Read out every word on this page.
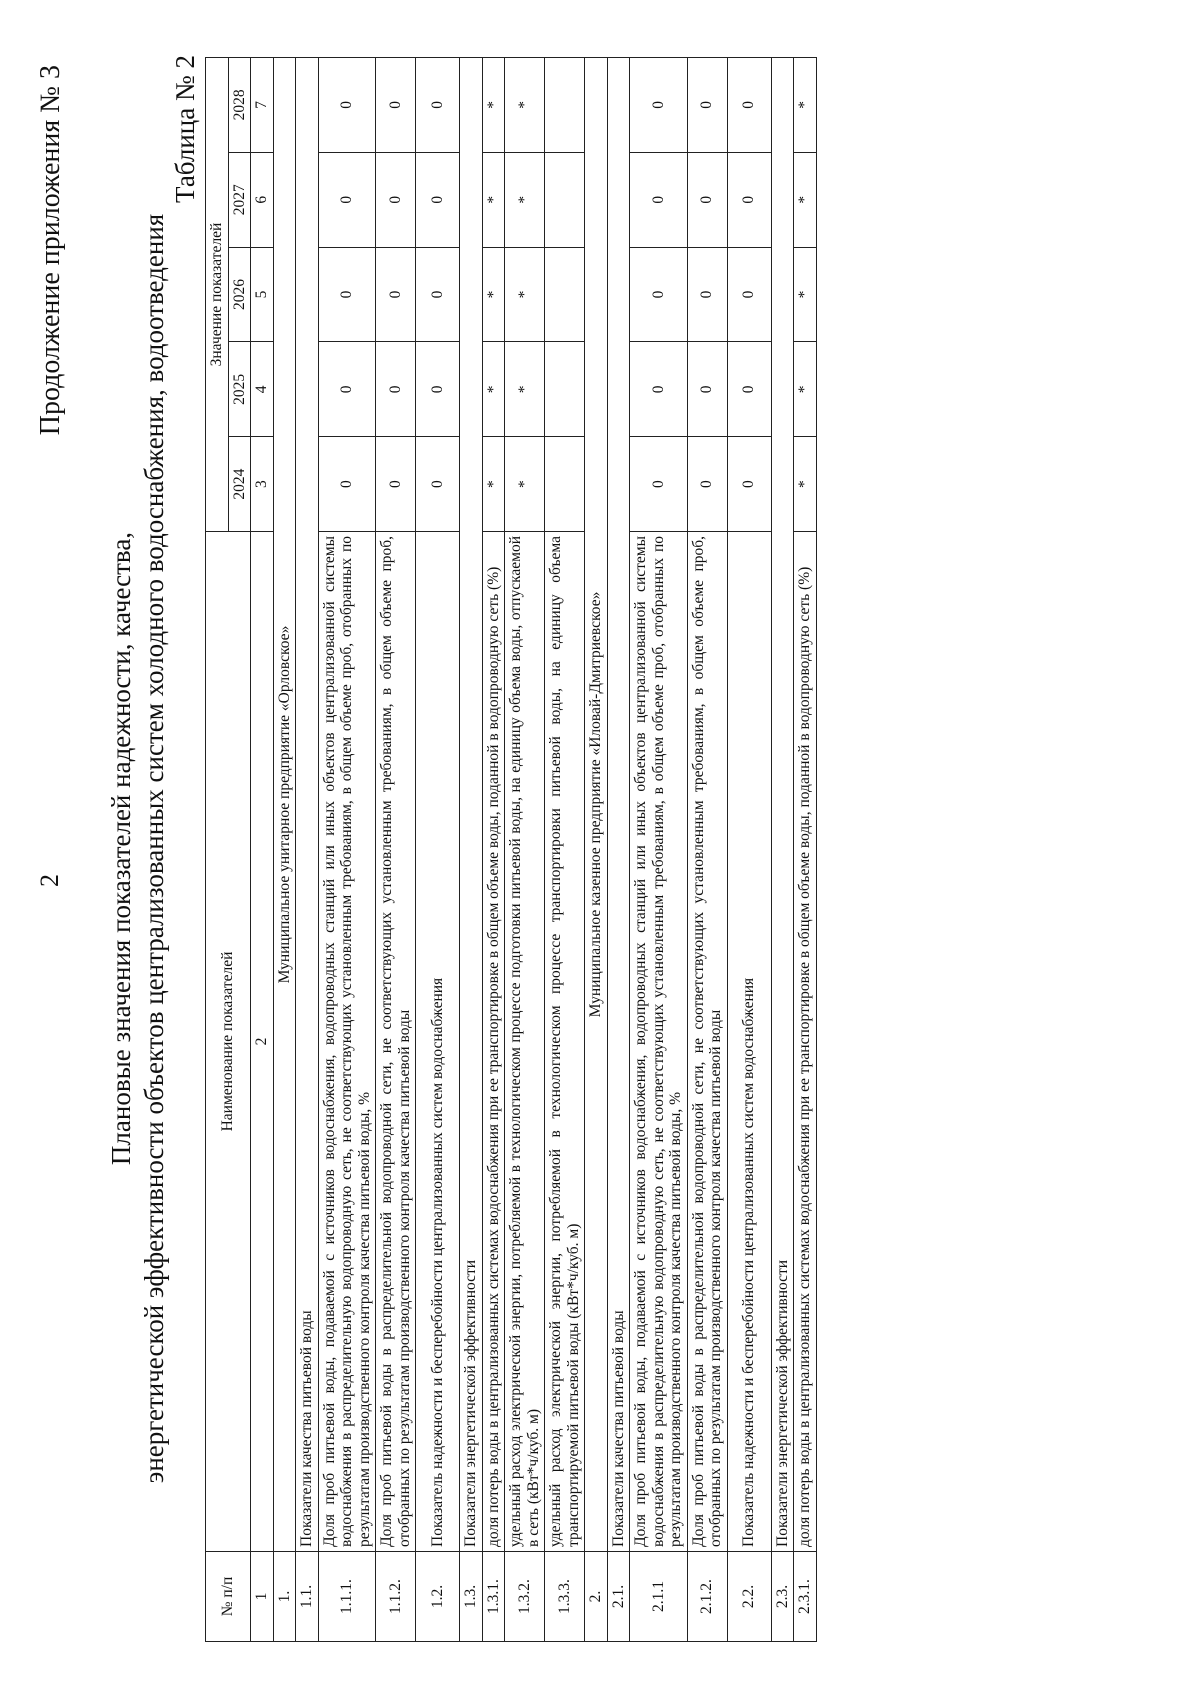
2
Продолжение приложения № 3
Плановые значения показателей надежности, качества, энергетической эффективности объектов централизованных систем холодного водоснабжения, водоотведения
Таблица № 2
№ п/п	Наименование показателей	Значение показателей				
		2024	2025	2026	2027	2028
1	2	3	4	5	6	7
1.	Муниципальное унитарное предприятие «Орловское»					
1.1.	Показатели качества питьевой воды					
1.1.1.	Доля проб питьевой воды, подаваемой с источников водоснабжения, водопроводных станций или иных объектов централизованной системы водоснабжения в распределительную водопроводную сеть, не соответствующих установленным требованиям, в общем объеме проб, отобранных по результатам производственного контроля качества питьевой воды, %	0	0	0	0	0
1.1.2.	Доля проб питьевой воды в распределительной водопроводной сети, не соответствующих установленным требованиям, в общем объеме проб, отобранных по результатам производственного контроля качества питьевой воды	0	0	0	0	0
1.2.	Показатель надежности и бесперебойности централизованных систем водоснабжения	0	0	0	0	0
1.3.	Показатели энергетической эффективности					
1.3.1.	доля потерь воды в централизованных системах водоснабжения при ее транспортировке в общем объеме воды, поданной в водопроводную сеть (%)	*	*	*	*	*
1.3.2.	удельный расход электрической энергии, потребляемой в технологическом процессе подготовки питьевой воды, на единицу объема воды, отпускаемой в сеть (кВт*ч/куб. м)	*	*	*	*	*
1.3.3.	удельный расход электрической энергии, потребляемой в технологическом процессе транспортировки питьевой воды, на единицу объема транспортируемой питьевой воды (кВт*ч/куб. м)					
2.	Муниципальное казенное предприятие «Иловай-Дмитриевское»					
2.1.	Показатели качества питьевой воды					
2.1.1	Доля проб питьевой воды, подаваемой с источников водоснабжения, водопроводных станций или иных объектов централизованной системы водоснабжения в распределительную водопроводную сеть, не соответствующих установленным требованиям, в общем объеме проб, отобранных по результатам производственного контроля качества питьевой воды, %	0	0	0	0	0
2.1.2.	Доля проб питьевой воды в распределительной водопроводной сети, не соответствующих установленным требованиям, в общем объеме проб, отобранных по результатам производственного контроля качества питьевой воды	0	0	0	0	0
2.2.	Показатель надежности и бесперебойности централизованных систем водоснабжения	0	0	0	0	0
2.3.	Показатели энергетической эффективности					
2.3.1.	доля потерь воды в централизованных системах водоснабжения при ее транспортировке в общем объеме воды, поданной в водопроводную сеть (%)	*	*	*	*	*
